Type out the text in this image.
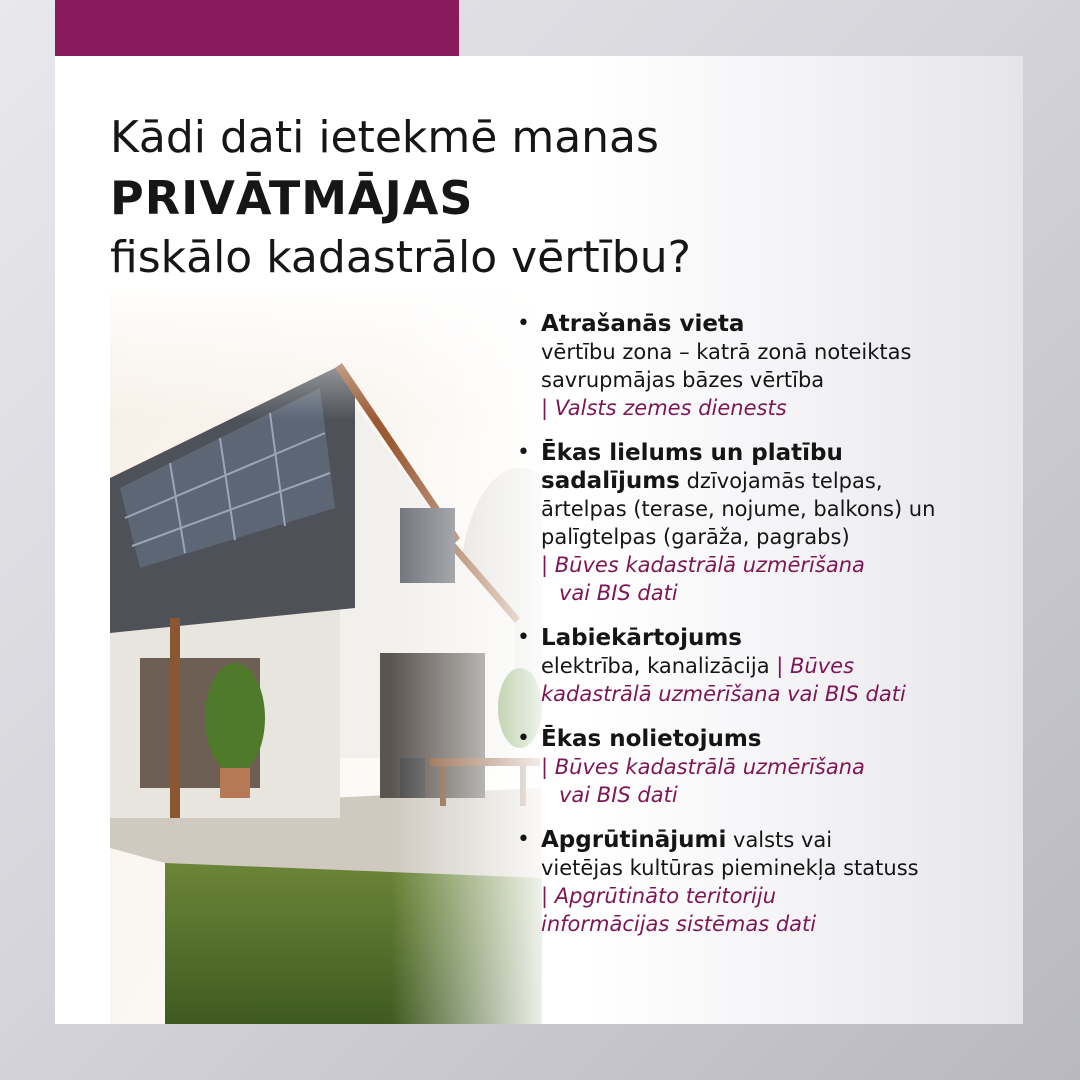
Kādi dati ietekmē manas
PRIVĀTMĀJAS
fiskālo kadastrālo vērtību?
• Atrašanās vieta
vērtību zona – katrā zonā noteiktas savrupmājas bāzes vērtība
| Valsts zemes dienests
• Ēkas lielums un platību
sadalījums dzīvojamās telpas,
ārtelpas (terase, nojume, balkons) un palīgtelpas (garāža, pagrabs)
| Būves kadastrālā uzmērīšana
vai BIS dati
• Labiekārtojums
elektrība, kanalizācija | Būves
kadastrālā uzmērīšana vai BIS dati
• Ēkas nolietojums
| Būves kadastrālā uzmērīšana
vai BIS dati
• Apgrūtinājumi valsts vai
vietējas kultūras pieminekļa statuss
| Apgrūtināto teritoriju
informācijas sistēmas dati
